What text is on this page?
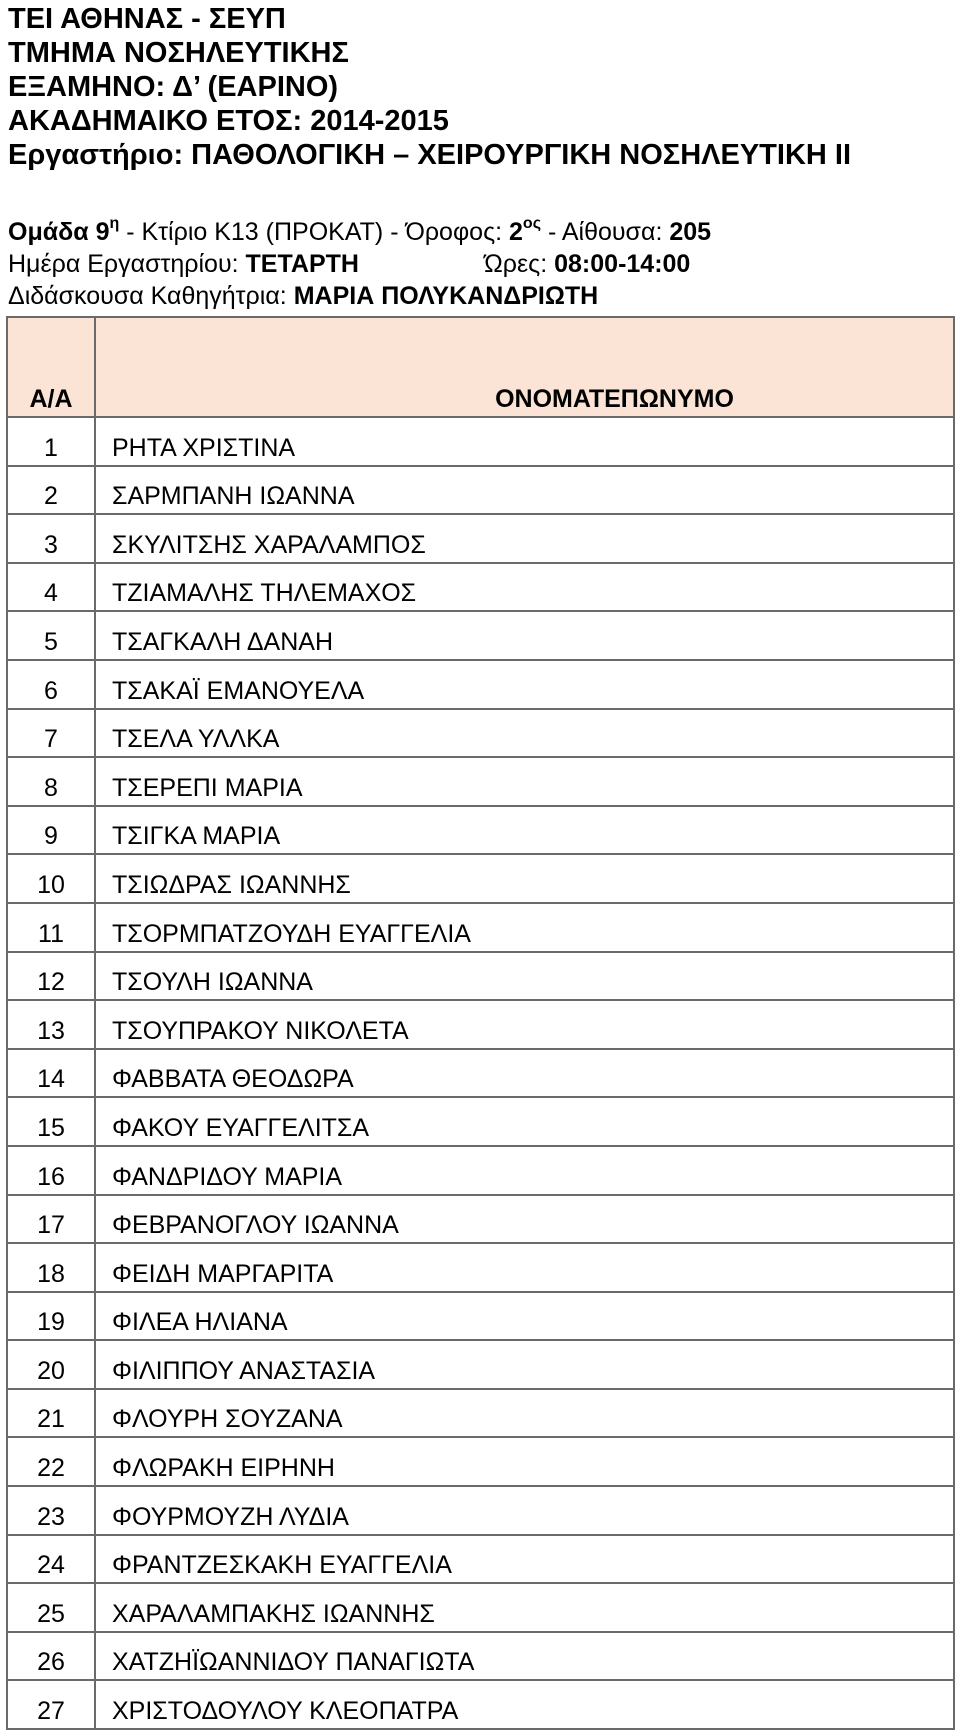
ΤΕΙ ΑΘΗΝΑΣ - ΣΕΥΠ
ΤΜΗΜΑ ΝΟΣΗΛΕΥΤΙΚΗΣ
ΕΞΑΜΗΝΟ: Δ’ (ΕΑΡΙΝΟ)
ΑΚΑΔΗΜΑΙΚΟ ΕΤΟΣ: 2014-2015
Εργαστήριο: ΠΑΘΟΛΟΓΙΚΗ – ΧΕΙΡΟΥΡΓΙΚΗ ΝΟΣΗΛΕΥΤΙΚΗ ΙΙ
Ομάδα $9^\eta$ - Κτίριο Κ13 (ΠΡΟΚΑΤ) - Όροφος: $2^{o\varsigma}$ - Αίθουσα: 205
Ημέρα Εργαστηρίου: ΤΕΤΑΡΤΗ	Ώρες: 08:00-14:00
Διδάσκουσα Καθηγήτρια: ΜΑΡΙΑ ΠΟΛΥΚΑΝΔΡΙΩΤΗ
Α/Α	ΟΝΟΜΑΤΕΠΩΝΥΜΟ
1	ΡΗΤΑ ΧΡΙΣΤΙΝΑ
2	ΣΑΡΜΠΑΝΗ ΙΩΑΝΝΑ
3	ΣΚΥΛΙΤΣΗΣ ΧΑΡΑΛΑΜΠΟΣ
4	ΤΖΙΑΜΑΛΗΣ ΤΗΛΕΜΑΧΟΣ
5	ΤΣΑΓΚΑΛΗ ΔΑΝΑΗ
6	ΤΣΑΚΑΪ ΕΜΑΝΟΥΕΛΑ
7	ΤΣΕΛΑ ΥΛΛΚΑ
8	ΤΣΕΡΕΠΙ ΜΑΡΙΑ
9	ΤΣΙΓΚΑ ΜΑΡΙΑ
10	ΤΣΙΩΔΡΑΣ ΙΩΑΝΝΗΣ
11	ΤΣΟΡΜΠΑΤΖΟΥΔΗ ΕΥΑΓΓΕΛΙΑ
12	ΤΣΟΥΛΗ ΙΩΑΝΝΑ
13	ΤΣΟΥΠΡΑΚΟΥ ΝΙΚΟΛΕΤΑ
14	ΦΑΒΒΑΤΑ ΘΕΟΔΩΡΑ
15	ΦΑΚΟΥ ΕΥΑΓΓΕΛΙΤΣΑ
16	ΦΑΝΔΡΙΔΟΥ ΜΑΡΙΑ
17	ΦΕΒΡΑΝΟΓΛΟΥ ΙΩΑΝΝΑ
18	ΦΕΙΔΗ ΜΑΡΓΑΡΙΤΑ
19	ΦΙΛΕΑ ΗΛΙΑΝΑ
20	ΦΙΛΙΠΠΟΥ ΑΝΑΣΤΑΣΙΑ
21	ΦΛΟΥΡΗ ΣΟΥΖΑΝΑ
22	ΦΛΩΡΑΚΗ ΕΙΡΗΝΗ
23	ΦΟΥΡΜΟΥΖΗ ΛΥΔΙΑ
24	ΦΡΑΝΤΖΕΣΚΑΚΗ ΕΥΑΓΓΕΛΙΑ
25	ΧΑΡΑΛΑΜΠΑΚΗΣ ΙΩΑΝΝΗΣ
26	ΧΑΤΖΗΪΩΑΝΝΙΔΟΥ ΠΑΝΑΓΙΩΤΑ
27	ΧΡΙΣΤΟΔΟΥΛΟΥ ΚΛΕΟΠΑΤΡΑ
